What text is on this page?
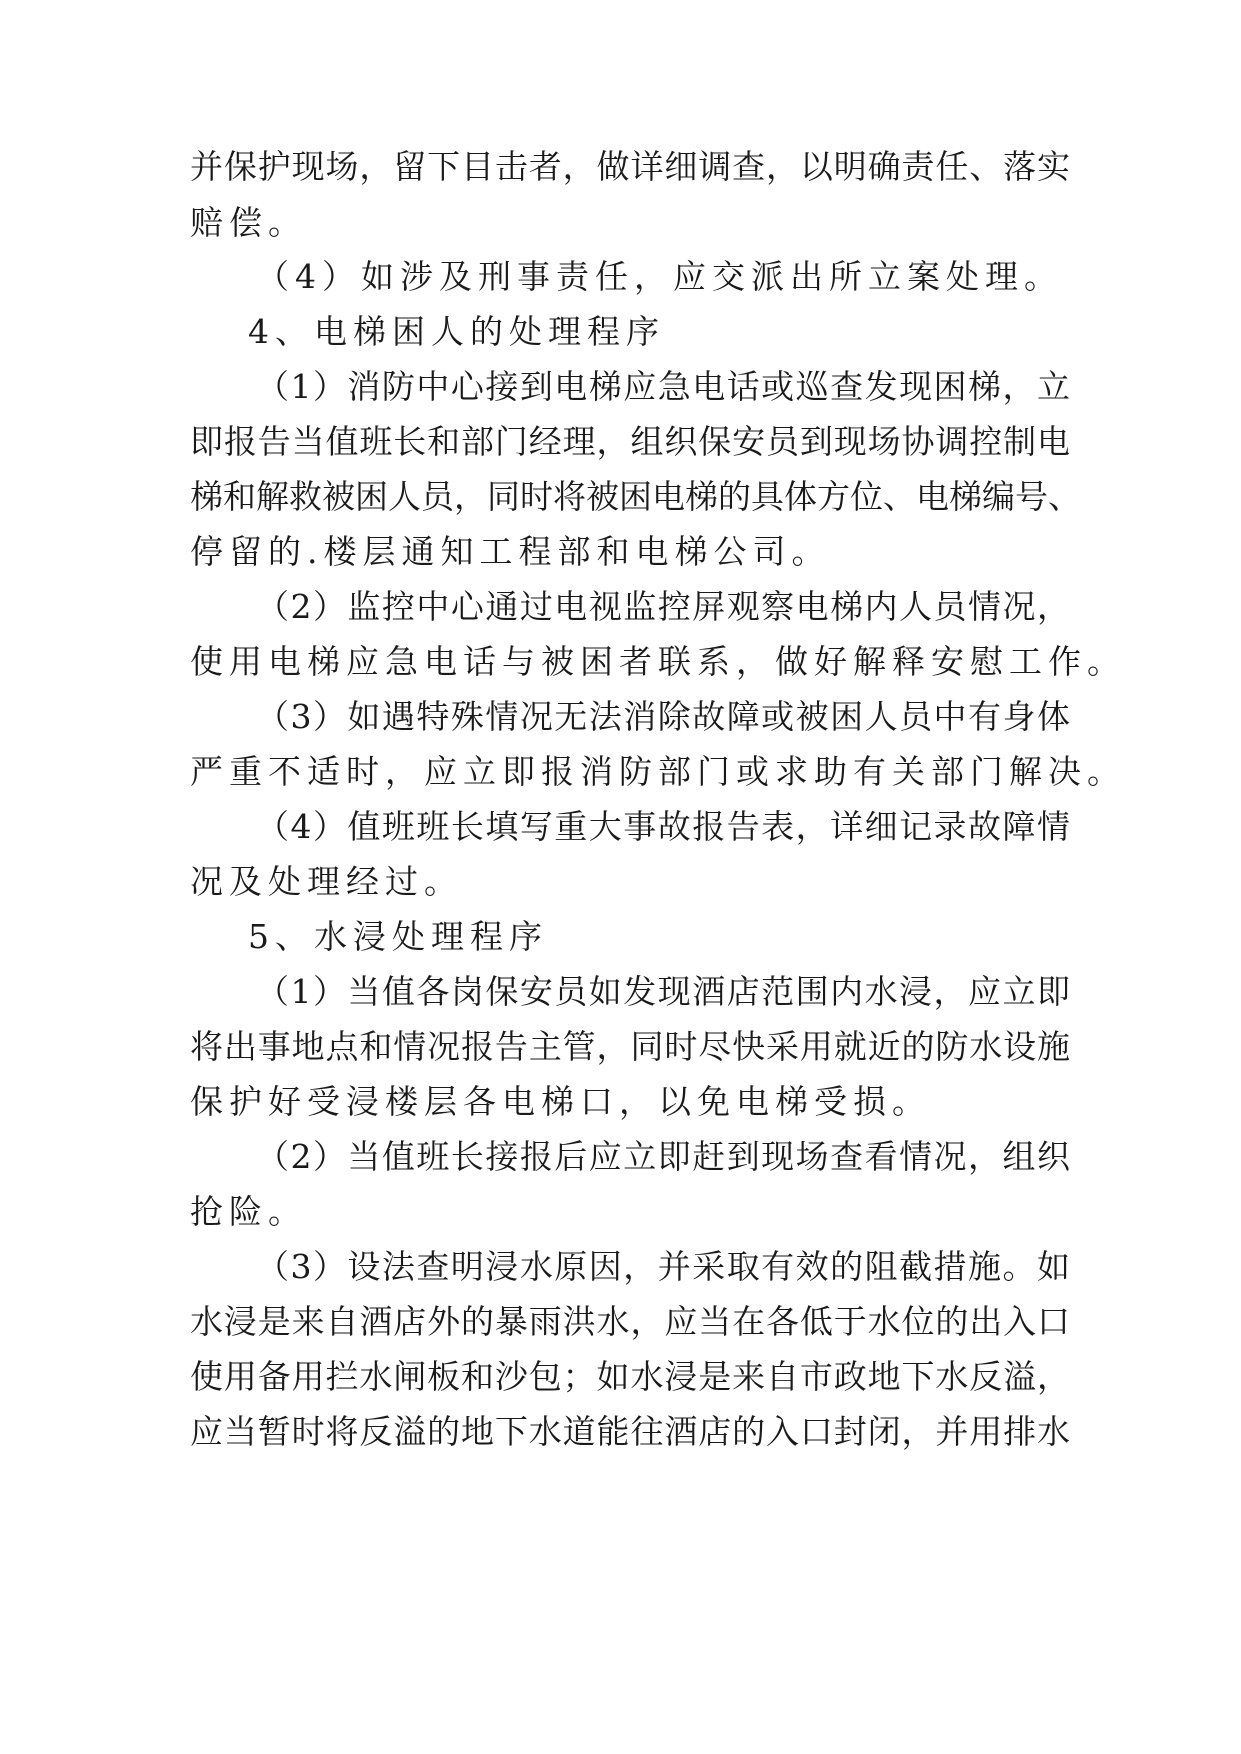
并保护现场，留下目击者，做详细调查，以明确责任、落实
赔偿。
（4）如涉及刑事责任，应交派出所立案处理。
4、电梯困人的处理程序
（1）消防中心接到电梯应急电话或巡查发现困梯，立
即报告当值班长和部门经理，组织保安员到现场协调控制电
梯和解救被困人员，同时将被困电梯的具体方位、电梯编号、
停留的.楼层通知工程部和电梯公司。
（2）监控中心通过电视监控屏观察电梯内人员情况，
使用电梯应急电话与被困者联系，做好解释安慰工作。
（3）如遇特殊情况无法消除故障或被困人员中有身体
严重不适时，应立即报消防部门或求助有关部门解决。
（4）值班班长填写重大事故报告表，详细记录故障情
况及处理经过。
5、水浸处理程序
（1）当值各岗保安员如发现酒店范围内水浸，应立即
将出事地点和情况报告主管，同时尽快采用就近的防水设施
保护好受浸楼层各电梯口，以免电梯受损。
（2）当值班长接报后应立即赶到现场查看情况，组织
抢险。
（3）设法查明浸水原因，并采取有效的阻截措施。如
水浸是来自酒店外的暴雨洪水，应当在各低于水位的出入口
使用备用拦水闸板和沙包；如水浸是来自市政地下水反溢，
应当暂时将反溢的地下水道能往酒店的入口封闭，并用排水
